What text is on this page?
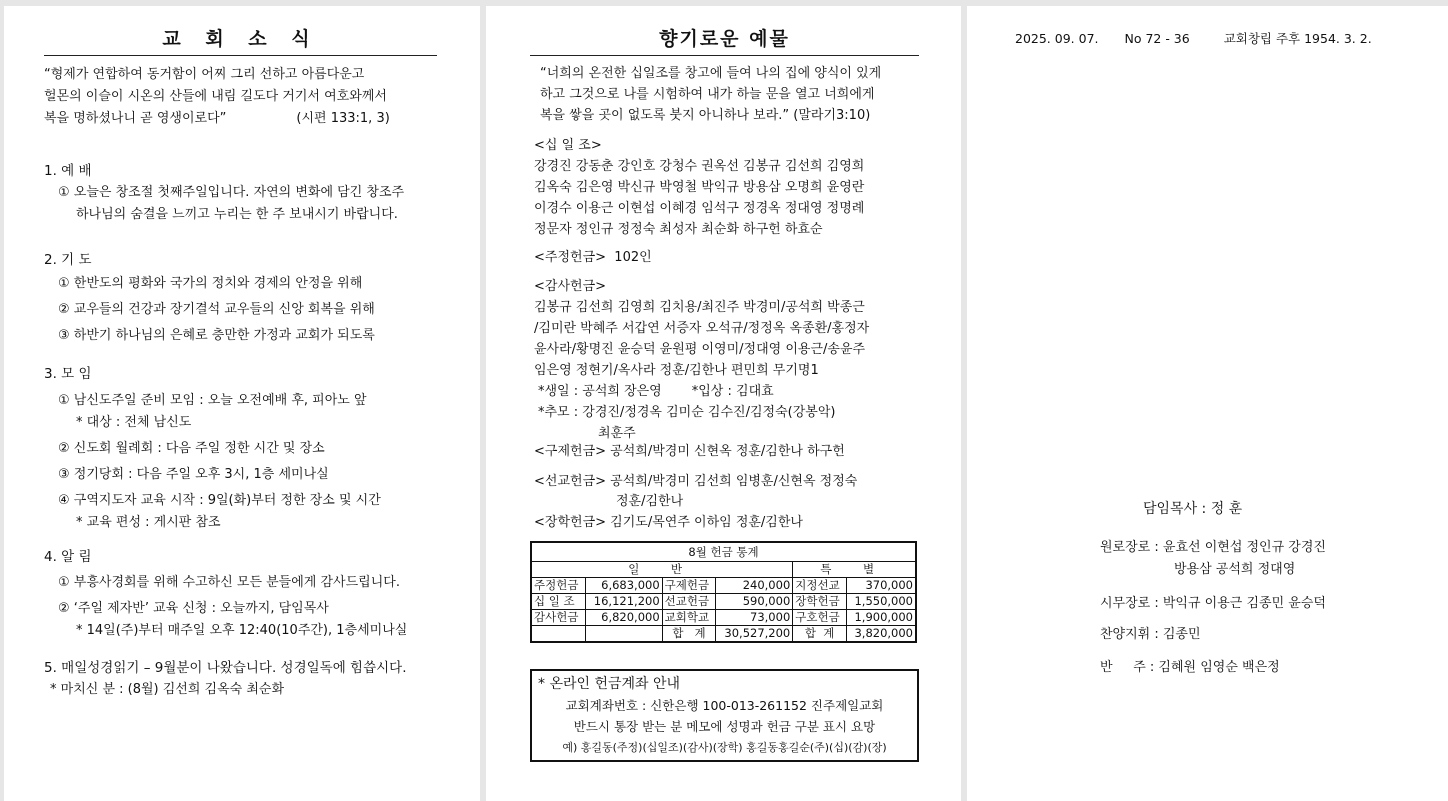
교 회 소 식
“형제가 연합하여 동거함이 어찌 그리 선하고 아름다운고
헐몬의 이슬이 시온의 산들에 내림 길도다 거기서 여호와께서
복을 명하셨나니 곧 영생이로다”	(시편 133:1, 3)
1. 예 배
① 오늘은 창조절 첫째주일입니다. 자연의 변화에 담긴 창조주
하나님의 숨결을 느끼고 누리는 한 주 보내시기 바랍니다.
2. 기 도
① 한반도의 평화와 국가의 정치와 경제의 안정을 위해
② 교우들의 건강과 장기결석 교우들의 신앙 회복을 위해
③ 하반기 하나님의 은혜로 충만한 가정과 교회가 되도록
3. 모 임
① 남신도주일 준비 모임 : 오늘 오전예배 후, 피아노 앞
* 대상 : 전체 남신도
② 신도회 월례회 : 다음 주일 정한 시간 및 장소
③ 정기당회 : 다음 주일 오후 3시, 1층 세미나실
④ 구역지도자 교육 시작 : 9일(화)부터 정한 장소 및 시간
* 교육 편성 : 게시판 참조
4. 알 림
① 부흥사경회를 위해 수고하신 모든 분들에게 감사드립니다.
② ‘주일 제자반’ 교육 신청 : 오늘까지, 담임목사
* 14일(주)부터 매주일 오후 12:40(10주간), 1층세미나실
5. 매일성경읽기 – 9월분이 나왔습니다. 성경일독에 힘씁시다.
* 마치신 분 : (8월) 김선희 김옥숙 최순화
향기로운 예물
“너희의 온전한 십일조를 창고에 들여 나의 집에 양식이 있게
하고 그것으로 나를 시험하여 내가 하늘 문을 열고 너희에게
복을 쌓을 곳이 없도록 붓지 아니하나 보라.” (말라기3:10)
<십 일 조>
강경진 강동춘 강인호 강청수 권옥선 김봉규 김선희 김영희
김옥숙 김은영 박신규 박영철 박익규 방용삼 오명희 윤영란
이경수 이용근 이현섭 이혜경 임석구 정경옥 정대영 정명례
정문자 정인규 정정숙 최성자 최순화 하구헌 하효순
<주정헌금> 102인
<감사헌금>
김봉규 김선희 김영희 김치용/최진주 박경미/공석희 박종근
/김미란 박혜주 서갑연 서증자 오석규/정정옥 옥종환/홍정자
윤사라/황명진 윤승덕 윤원평 이영미/정대영 이용근/송윤주
임은영 정현기/옥사라 정훈/김한나 편민희 무기명1
*생일 : 공석희 장은영 *입상 : 김대효
*추모 : 강경진/정경옥 김미순 김수진/김정숙(강봉악)
최훈주
<구제헌금> 공석희/박경미 신현옥 정훈/김한나 하구헌
<선교헌금> 공석희/박경미 김선희 임병훈/신현옥 정정숙
정훈/김한나
<장학헌금> 김기도/목연주 이하임 정훈/김한나
8월 헌금 통계					
일 반				특 별	
주정헌금	6,683,000	구제헌금	240,000	지정선교	370,000
십 일 조	16,121,200	선교헌금	590,000	장학헌금	1,550,000
감사헌금	6,820,000	교회학교	73,000	구호헌금	1,900,000
		합   계	30,527,200	합  계	3,820,000
* 온라인 헌금계좌 안내
교회계좌번호 : 신한은행 100-013-261152 진주제일교회
반드시 통장 받는 분 메모에 성명과 헌금 구분 표시 요망
예) 홍길동(주정)(십일조)(감사)(장학) 홍길동홍길순(주)(십)(감)(장)
2025. 09. 07. No 72 - 36	교회창립 주후 1954. 3. 2.
담임목사 : 정 훈
원로장로 : 윤효선 이현섭 정인규 강경진
방용삼 공석희 정대영
시무장로 : 박익규 이용근 김종민 윤승덕
찬양지휘 : 김종민
반     주 : 김혜원 임영순 백은정
